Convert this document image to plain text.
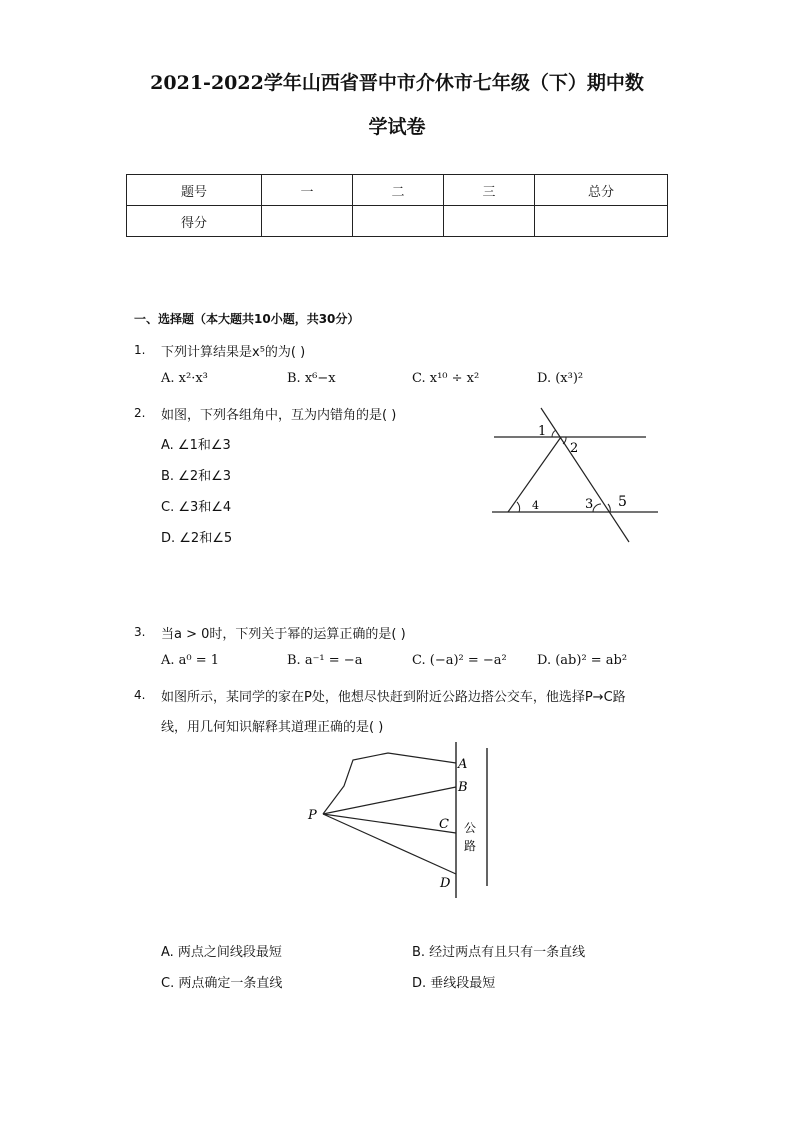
2021-2022学年山西省晋中市介休市七年级（下）期中数
学试卷
题号	一	二	三	总分
得分				
一、选择题（本大题共10小题，共30分）
1. 下列计算结果是x⁵的为( )
A. x²·x³	B. x⁶−x	C. x¹⁰ ÷ x²	D. (x³)²
2. 如图，下列各组角中，互为内错角的是( )
A. ∠1和∠3
B. ∠2和∠3
C. ∠3和∠4
D. ∠2和∠5
1
2
3
4	5
3. 当a > 0时，下列关于幂的运算正确的是( )
A. a⁰ = 1	B. a⁻¹ = −a	C. (−a)² = −a² D. (ab)² = ab²
4. 如图所示，某同学的家在P处，他想尽快赶到附近公路边搭公交车，他选择P→C路
线，用几何知识解释其道理正确的是( )
A
B
C
D
P
公
路
A. 两点之间线段最短	B. 经过两点有且只有一条直线
C. 两点确定一条直线	D. 垂线段最短
